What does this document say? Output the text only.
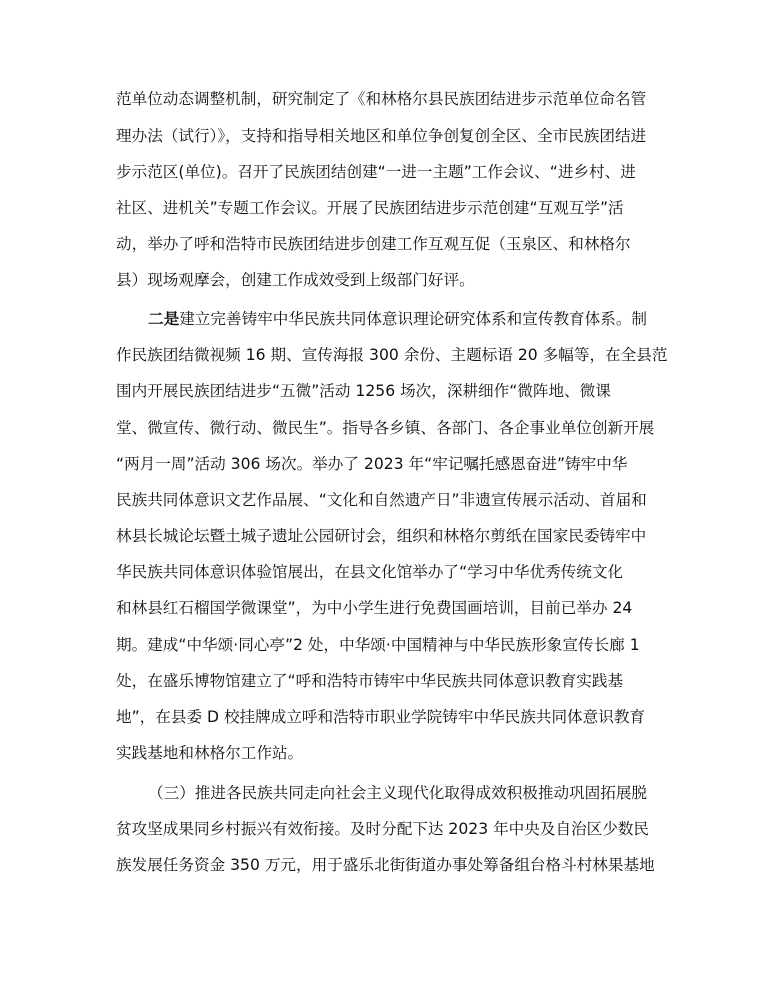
范单位动态调整机制，研究制定了《和林格尔县民族团结进步示范单位命名管
理办法（试行）》，支持和指导相关地区和单位争创复创全区、全市民族团结进
步示范区(单位)。召开了民族团结创建“一进一主题”工作会议、“进乡村、进
社区、进机关”专题工作会议。开展了民族团结进步示范创建“互观互学”活
动，举办了呼和浩特市民族团结进步创建工作互观互促（玉泉区、和林格尔
县）现场观摩会，创建工作成效受到上级部门好评。
二是建立完善铸牢中华民族共同体意识理论研究体系和宣传教育体系。制
作民族团结微视频 16 期、宣传海报 300 余份、主题标语 20 多幅等，在全县范
围内开展民族团结进步“五微”活动 1256 场次，深耕细作“微阵地、微课
堂、微宣传、微行动、微民生”。指导各乡镇、各部门、各企事业单位创新开展
“两月一周”活动 306 场次。举办了 2023 年“牢记嘱托感恩奋进”铸牢中华
民族共同体意识文艺作品展、“文化和自然遗产日”非遗宣传展示活动、首届和
林县长城论坛暨土城子遗址公园研讨会，组织和林格尔剪纸在国家民委铸牢中
华民族共同体意识体验馆展出，在县文化馆举办了“学习中华优秀传统文化
和林县红石榴国学微课堂”，为中小学生进行免费国画培训，目前已举办 24
期。建成“中华颂·同心亭”2 处，中华颂·中国精神与中华民族形象宣传长廊 1
处，在盛乐博物馆建立了“呼和浩特市铸牢中华民族共同体意识教育实践基
地”，在县委 D 校挂牌成立呼和浩特市职业学院铸牢中华民族共同体意识教育
实践基地和林格尔工作站。
（三）推进各民族共同走向社会主义现代化取得成效积极推动巩固拓展脱
贫攻坚成果同乡村振兴有效衔接。及时分配下达 2023 年中央及自治区少数民
族发展任务资金 350 万元，用于盛乐北街街道办事处筹备组台格斗村林果基地
